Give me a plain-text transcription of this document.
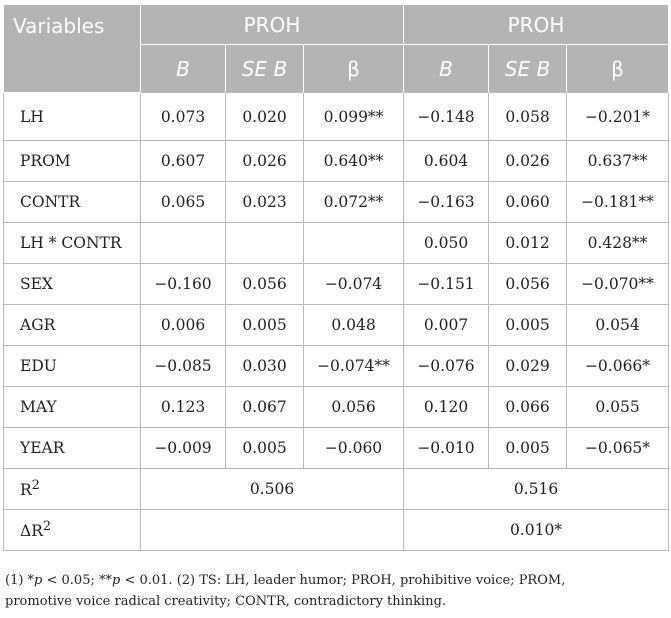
Variables	PROH			PROH		
	B	SE B	β	B	SE B	β
LH	0.073	0.020	0.099**	−0.148	0.058	−0.201*
PROM	0.607	0.026	0.640**	0.604	0.026	0.637**
CONTR	0.065	0.023	0.072**	−0.163	0.060	−0.181**
LH * CONTR				0.050	0.012	0.428**
SEX	−0.160	0.056	−0.074	−0.151	0.056	−0.070**
AGR	0.006	0.005	0.048	0.007	0.005	0.054
EDU	−0.085	0.030	−0.074**	−0.076	0.029	−0.066*
MAY	0.123	0.067	0.056	0.120	0.066	0.055
YEAR	−0.009	0.005	−0.060	−0.010	0.005	−0.065*
$R^2$	0.506			0.516		
$\Delta R^2$				0.010*		
(1) *p < 0.05; **p < 0.01. (2) TS: LH, leader humor; PROH, prohibitive voice; PROM,
promotive voice radical creativity; CONTR, contradictory thinking.
